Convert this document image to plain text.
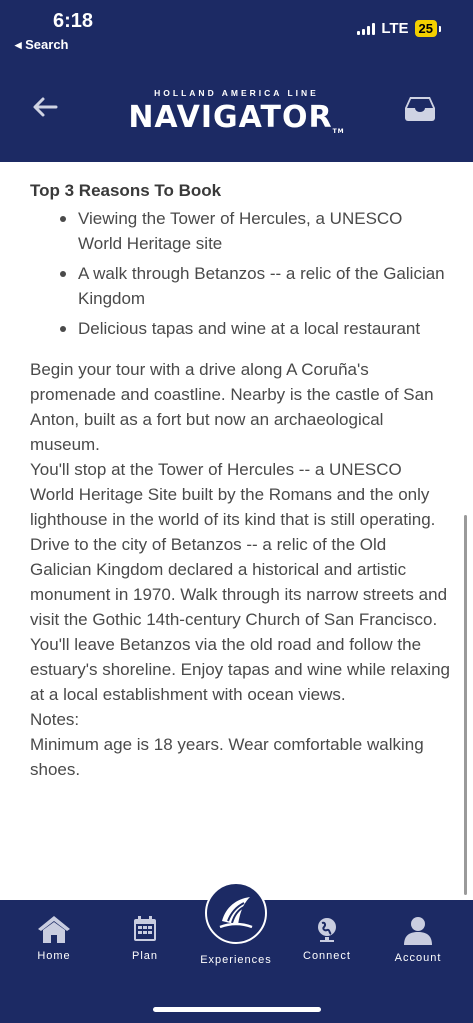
6:18
◂ Search
LTE 25
HOLLAND AMERICA LINE
NAVIGATORTM
Top 3 Reasons To Book
Viewing the Tower of Hercules, a UNESCO World Heritage site
A walk through Betanzos -- a relic of the Galician Kingdom
Delicious tapas and wine at a local restaurant

Begin your tour with a drive along A Coruña's promenade and coastline. Nearby is the castle of San Anton, built as a fort but now an archaeological museum.

You'll stop at the Tower of Hercules -- a UNESCO World Heritage Site built by the Romans and the only lighthouse in the world of its kind that is still operating.

Drive to the city of Betanzos -- a relic of the Old Galician Kingdom declared a historical and artistic monument in 1970. Walk through its narrow streets and visit the Gothic 14th-century Church of San Francisco.

You'll leave Betanzos via the old road and follow the estuary's shoreline. Enjoy tapas and wine while relaxing at a local establishment with ocean views.

Notes:

Minimum age is 18 years. Wear comfortable walking shoes.

Home	Plan	Experiences	Connect	Account
